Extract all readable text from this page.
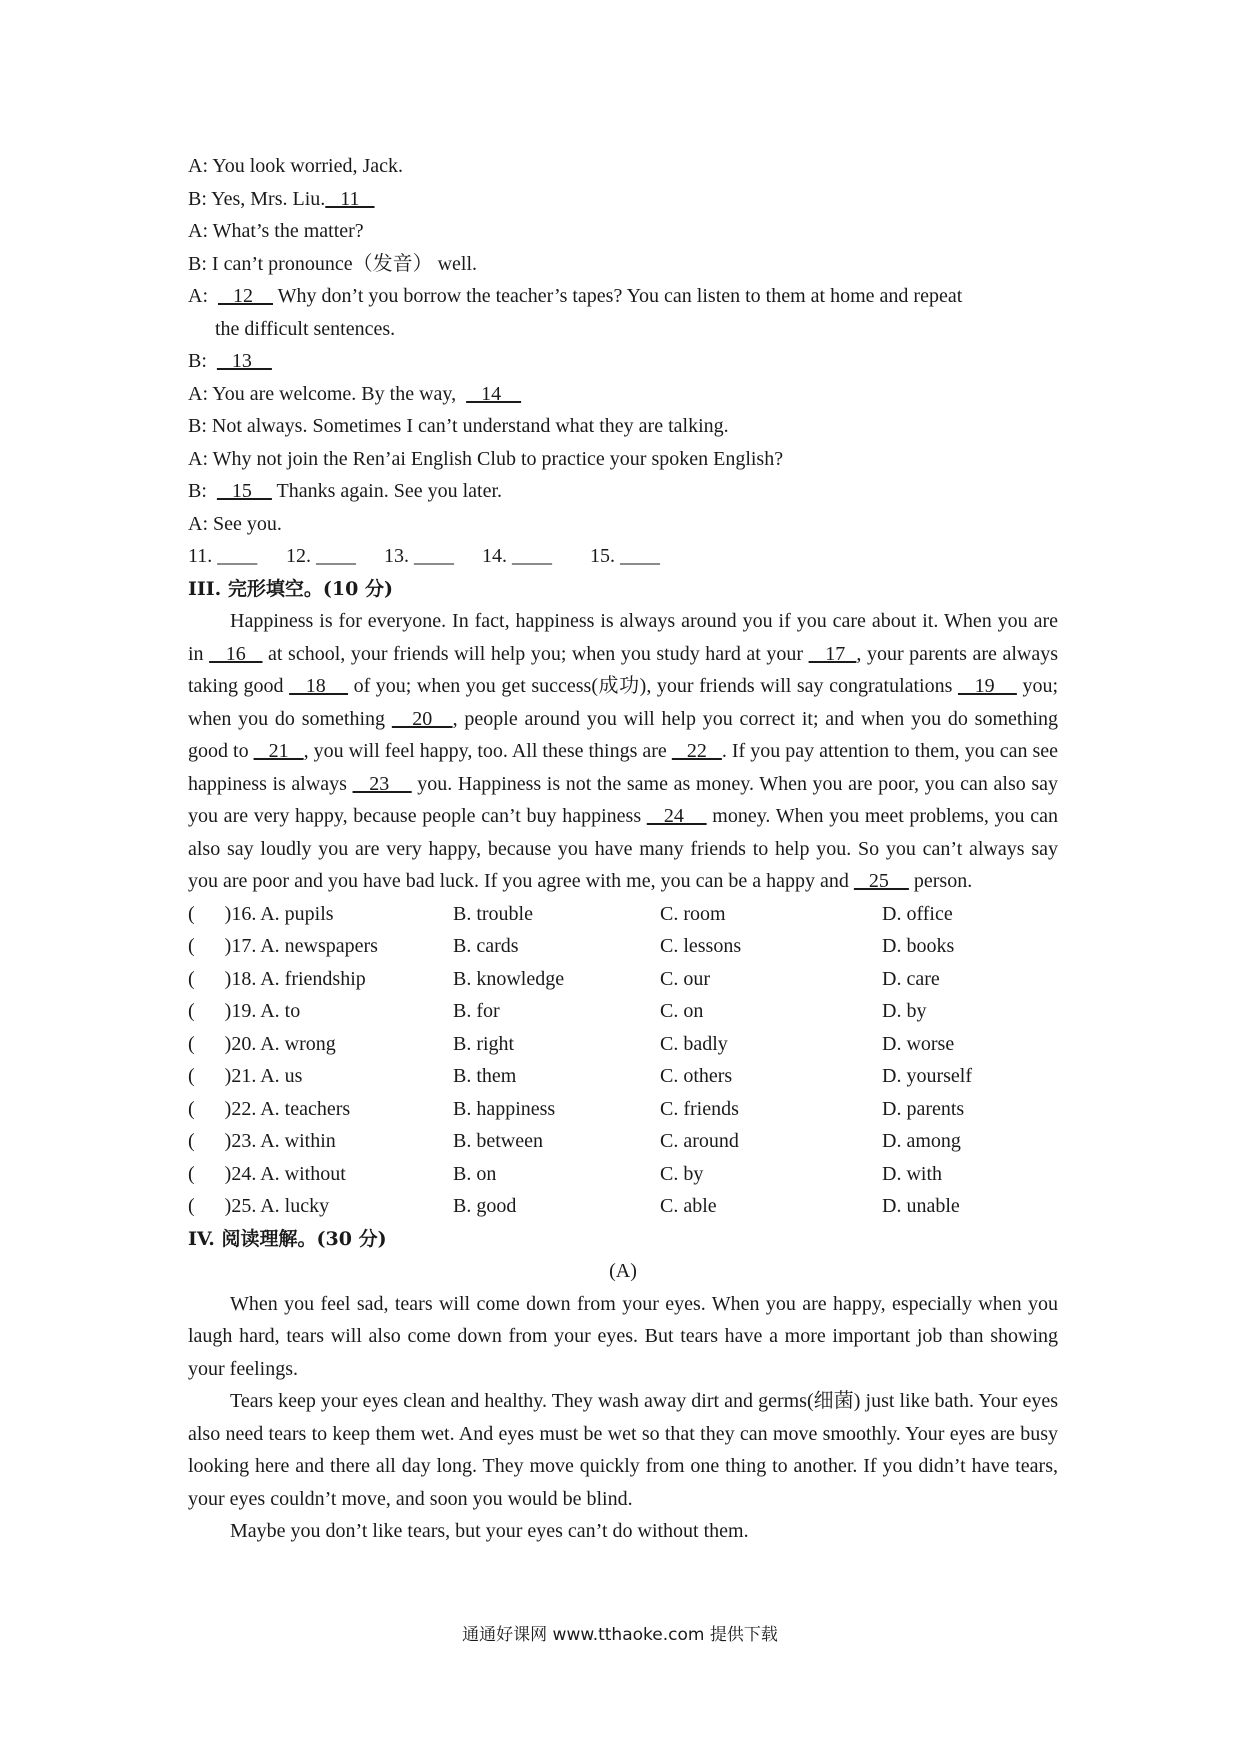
A: You look worried, Jack.
B: Yes, Mrs. Liu.   11
A: What’s the matter?
B: I can’t pronounce（发音） well.
A:     12     Why don’t you borrow the teacher’s tapes? You can listen to them at home and repeat
the difficult sentences.
B:     13
A: You are welcome. By the way,     14
B: Not always. Sometimes I can’t understand what they are talking.
A: Why not join the Ren’ai English Club to practice your spoken English?
B:     15     Thanks again. See you later.
A: See you.
11. ____ 12. ____ 13. ____ 14. ____ 15. ____
III. 完形填空。(10 分)
Happiness is for everyone. In fact, happiness is always around you if you care about it. When you are in    16    at school, your friends will help you; when you study hard at your    17  , your parents are always taking good    18     of you; when you get success(成功), your friends will say congratulations    19     you; when you do something    20   , people around you will help you correct it; and when you do something good to    21   , you will feel happy, too. All these things are    22   . If you pay attention to them, you can see happiness is always    23     you. Happiness is not the same as money. When you are poor, you can also say you are very happy, because people can’t buy happiness    24     money. When you meet problems, you can also say loudly you are very happy, because you have many friends to help you. So you can’t always say you are poor and you have bad luck. If you agree with me, you can be a happy and    25     person.
(      )16. A. pupils	B. trouble	C. room	D. office
(      )17. A. newspapers	B. cards	C. lessons	D. books
(      )18. A. friendship	B. knowledge	C. our	D. care
(      )19. A. to	B. for	C. on	D. by
(      )20. A. wrong	B. right	C. badly	D. worse
(      )21. A. us	B. them	C. others	D. yourself
(      )22. A. teachers	B. happiness	C. friends	D. parents
(      )23. A. within	B. between	C. around	D. among
(      )24. A. without	B. on	C. by	D. with
(      )25. A. lucky	B. good	C. able	D. unable
IV. 阅读理解。(30 分)
(A)
When you feel sad, tears will come down from your eyes. When you are happy, especially when you laugh hard, tears will also come down from your eyes. But tears have a more important job than showing your feelings.
Tears keep your eyes clean and healthy. They wash away dirt and germs(细菌) just like bath. Your eyes also need tears to keep them wet. And eyes must be wet so that they can move smoothly. Your eyes are busy looking here and there all day long. They move quickly from one thing to another. If you didn’t have tears, your eyes couldn’t move, and soon you would be blind.
Maybe you don’t like tears, but your eyes can’t do without them.
通通好课网 www.tthaoke.com 提供下载
